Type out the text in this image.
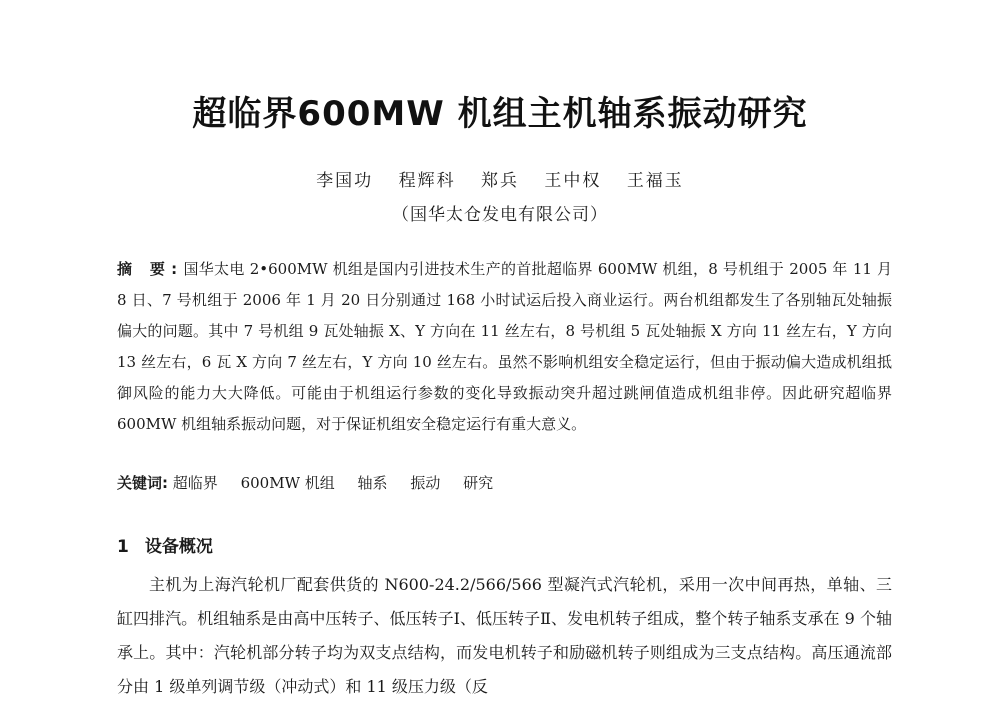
超临界600MW 机组主机轴系振动研究
李国功 程辉科 郑兵 王中权 王福玉
（国华太仓发电有限公司）
摘 要:国华太电 2•600MW 机组是国内引进技术生产的首批超临界 600MW 机组，8 号机组于 2005 年 11 月 8 日、7 号机组于 2006 年 1 月 20 日分别通过 168 小时试运后投入商业运行。两台机组都发生了各别轴瓦处轴振偏大的问题。其中 7 号机组 9 瓦处轴振 X、Y 方向在 11 丝左右，8 号机组 5 瓦处轴振 X 方向 11 丝左右，Y 方向 13 丝左右，6 瓦 X 方向 7 丝左右，Y 方向 10 丝左右。虽然不影响机组安全稳定运行，但由于振动偏大造成机组抵御风险的能力大大降低。可能由于机组运行参数的变化导致振动突升超过跳闸值造成机组非停。因此研究超临界 600MW 机组轴系振动问题，对于保证机组安全稳定运行有重大意义。
关键词: 超临界 600MW 机组 轴系 振动 研究
1 设备概况

主机为上海汽轮机厂配套供货的 N600-24.2/566/566 型凝汽式汽轮机，采用一次中间再热，单轴、三缸四排汽。机组轴系是由高中压转子、低压转子Ⅰ、低压转子Ⅱ、发电机转子组成，整个转子轴系支承在 9 个轴承上。其中：汽轮机部分转子均为双支点结构，而发电机转子和励磁机转子则组成为三支点结构。高压通流部分由 1 级单列调节级（冲动式）和 11 级压力级（反
